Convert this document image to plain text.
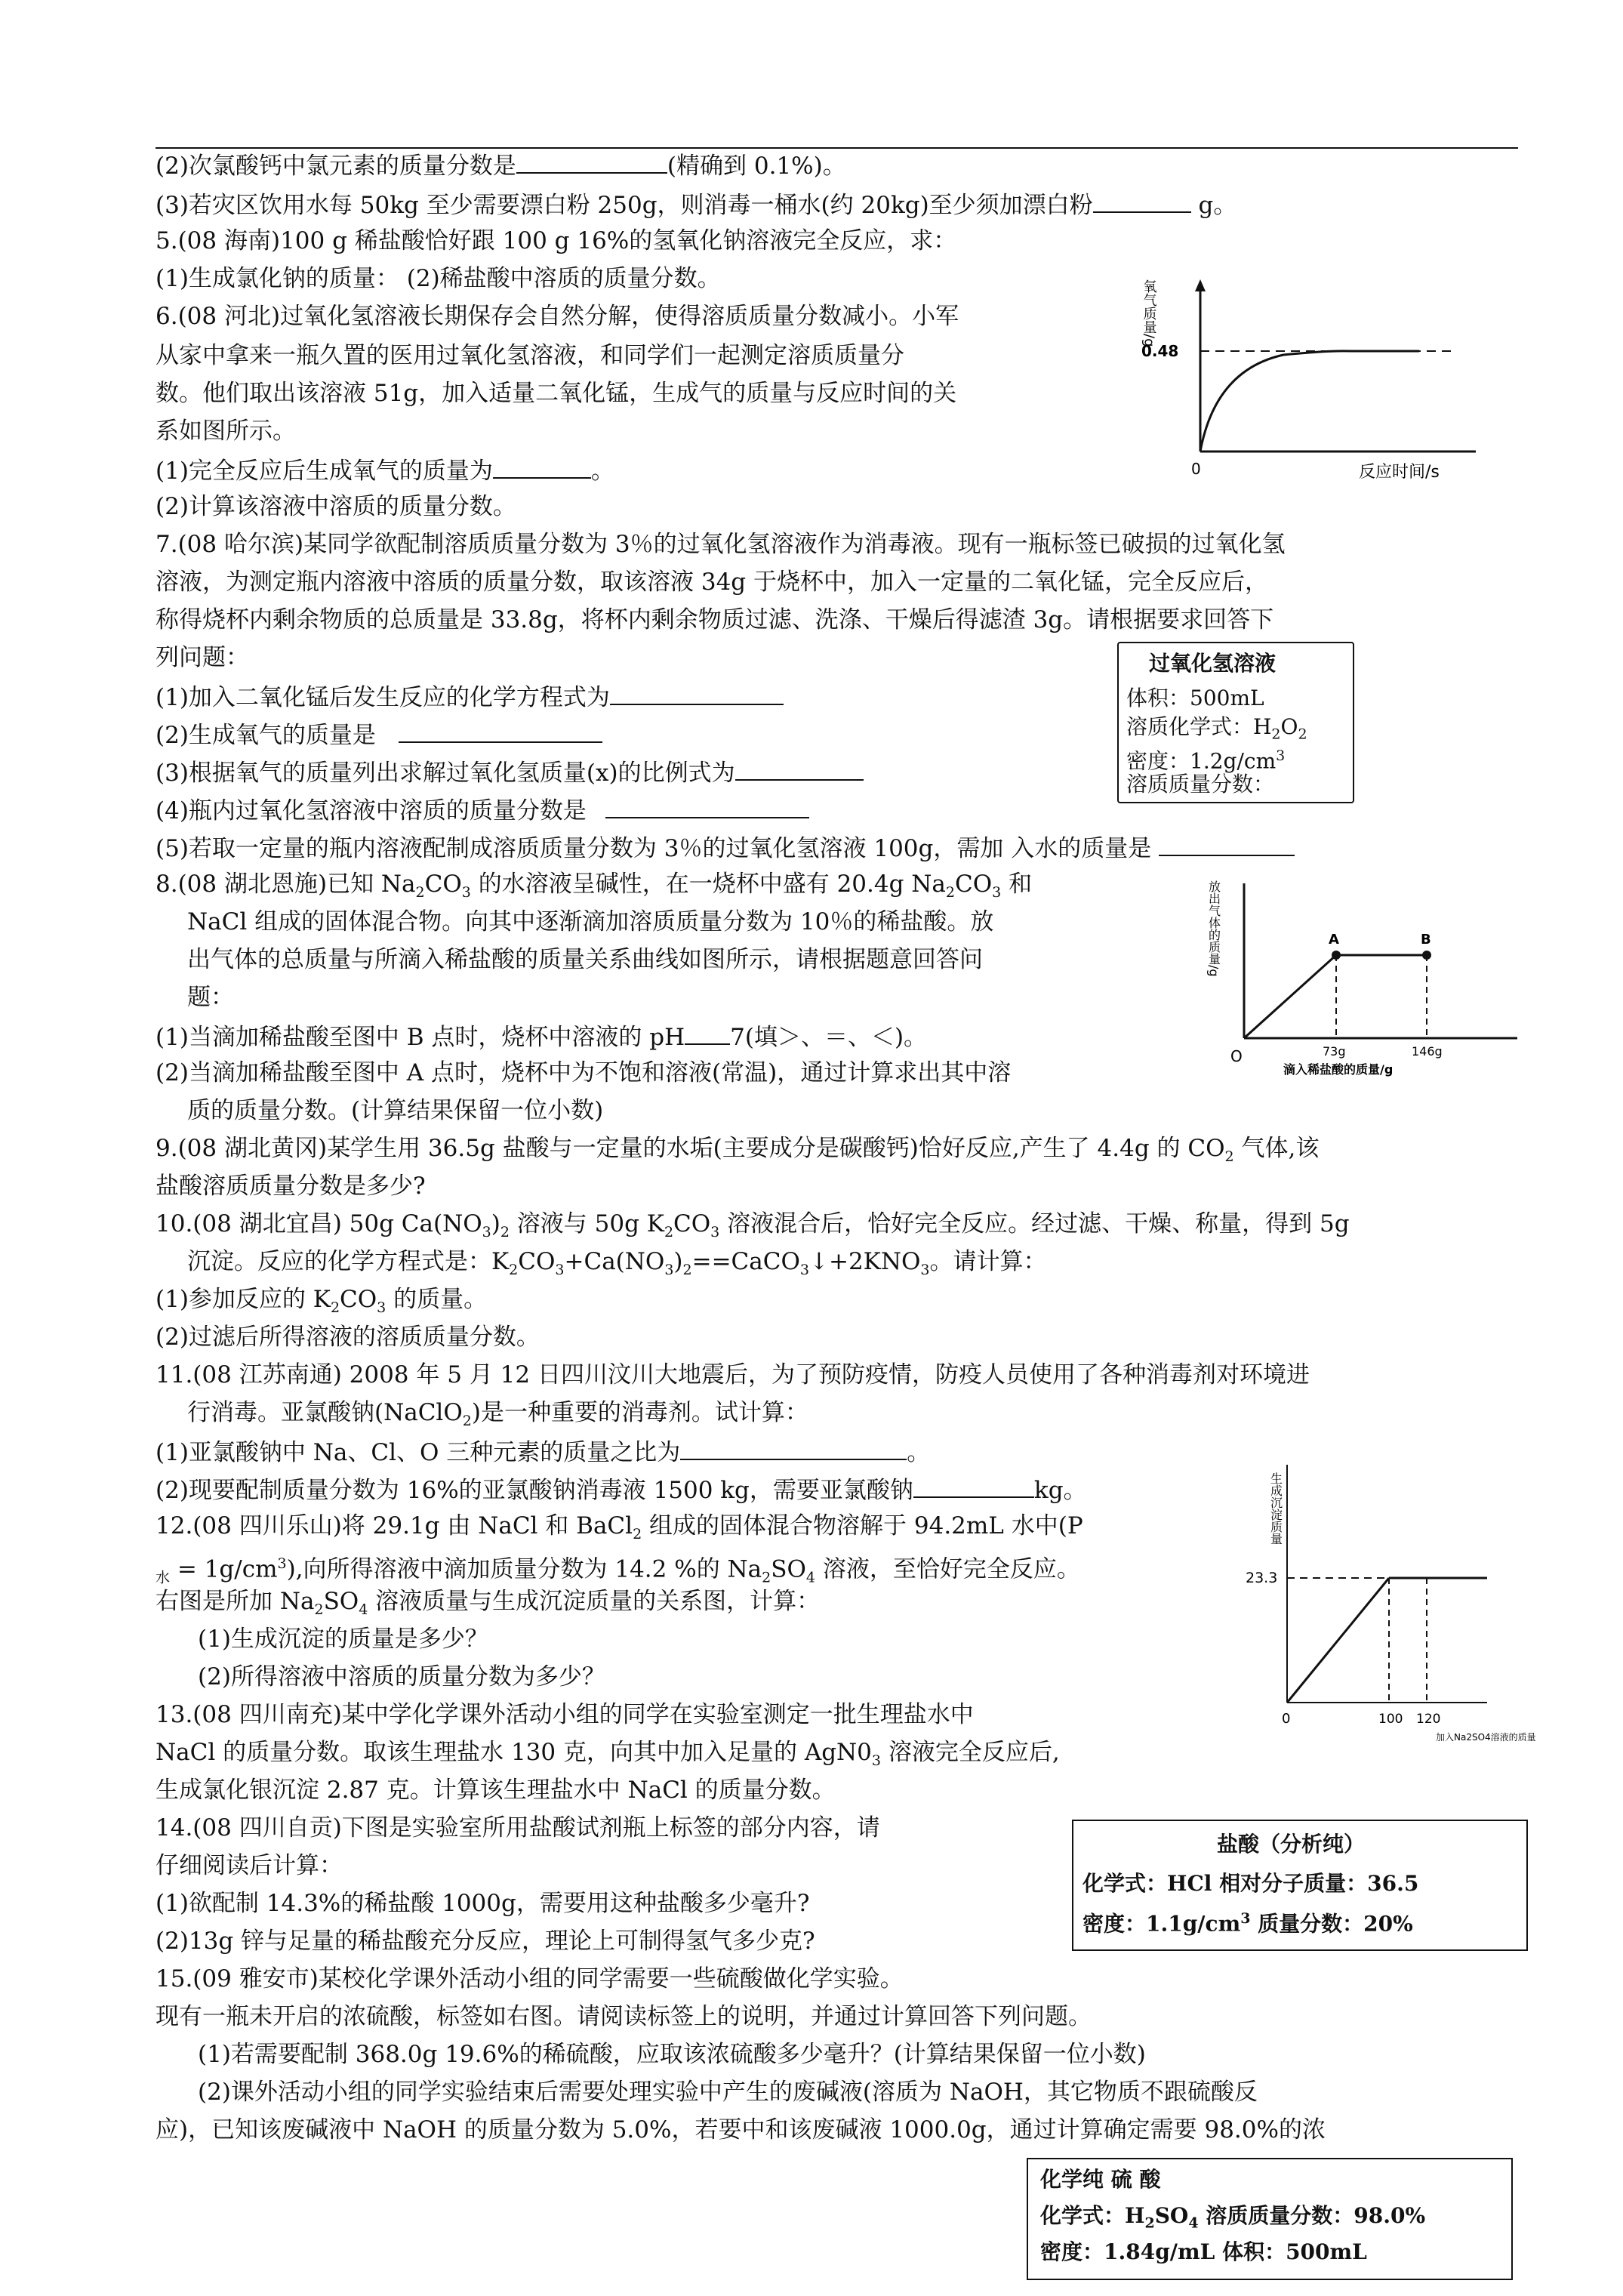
(2)次氯酸钙中氯元素的质量分数是	(精确到 0.1%)。
(3)若灾区饮用水每 50kg 至少需要漂白粉 250g，则消毒一桶水(约 20kg)至少须加漂白粉	g。
5.(08 海南)100 g 稀盐酸恰好跟 100 g 16%的氢氧化钠溶液完全反应，求：
(1)生成氯化钠的质量： (2)稀盐酸中溶质的质量分数。
6.(08 河北)过氧化氢溶液长期保存会自然分解，使得溶质质量分数减小。小军
从家中拿来一瓶久置的医用过氧化氢溶液，和同学们一起测定溶质质量分
数。他们取出该溶液 51g，加入适量二氧化锰，生成气的质量与反应时间的关
系如图所示。
(1)完全反应后生成氧气的质量为	。
(2)计算该溶液中溶质的质量分数。
7.(08 哈尔滨)某同学欲配制溶质质量分数为 3％的过氧化氢溶液作为消毒液。现有一瓶标签已破损的过氧化氢
溶液，为测定瓶内溶液中溶质的质量分数，取该溶液 34g 于烧杯中，加入一定量的二氧化锰，完全反应后，
称得烧杯内剩余物质的总质量是 33.8g，将杯内剩余物质过滤、洗涤、干燥后得滤渣 3g。请根据要求回答下
列问题：
(1)加入二氧化锰后发生反应的化学方程式为
(2)生成氧气的质量是
(3)根据氧气的质量列出求解过氧化氢质量(x)的比例式为
(4)瓶内过氧化氢溶液中溶质的质量分数是
(5)若取一定量的瓶内溶液配制成溶质质量分数为 3％的过氧化氢溶液 100g，需加 入水的质量是
8.(08 湖北恩施)已知 $Na_2CO_3$ 的水溶液呈碱性，在一烧杯中盛有 20.4g $Na_2CO_3$ 和
NaCl 组成的固体混合物。向其中逐渐滴加溶质质量分数为 10％的稀盐酸。放
出气体的总质量与所滴入稀盐酸的质量关系曲线如图所示，请根据题意回答问
题：
(1)当滴加稀盐酸至图中 B 点时，烧杯中溶液的 pH 7(填＞、＝、＜)。
(2)当滴加稀盐酸至图中 A 点时，烧杯中为不饱和溶液(常温)，通过计算求出其中溶
质的质量分数。(计算结果保留一位小数)
9.(08 湖北黄冈)某学生用 36.5g 盐酸与一定量的水垢(主要成分是碳酸钙)恰好反应,产生了 4.4g 的 $CO_2$ 气体,该
盐酸溶质质量分数是多少?
10.(08 湖北宜昌) 50g $Ca(NO_3)_2$ 溶液与 50g $K_2CO_3$ 溶液混合后，恰好完全反应。经过滤、干燥、称量，得到 5g
沉淀。反应的化学方程式是：$K_2CO_3+Ca(NO_3)_2==CaCO_3↓+2KNO_3$。请计算：
(1)参加反应的 $K_2CO_3$ 的质量。
(2)过滤后所得溶液的溶质质量分数。
11.(08 江苏南通) 2008 年 5 月 12 日四川汶川大地震后，为了预防疫情，防疫人员使用了各种消毒剂对环境进
行消毒。亚氯酸钠(NaClO$_2$)是一种重要的消毒剂。试计算：
(1)亚氯酸钠中 Na、Cl、O 三种元素的质量之比为	。
(2)现要配制质量分数为 16%的亚氯酸钠消毒液 1500 kg，需要亚氯酸钠	kg。
12.(08 四川乐山)将 29.1g 由 NaCl 和 BaCl$_2$ 组成的固体混合物溶解于 94.2mL 水中(P
$_水 = 1g/cm^3$),向所得溶液中滴加质量分数为 14.2 %的 $Na_2SO_4$ 溶液，至恰好完全反应。
右图是所加 $Na_2SO_4$ 溶液质量与生成沉淀质量的关系图，计算：
(1)生成沉淀的质量是多少？
(2)所得溶液中溶质的质量分数为多少？
13.(08 四川南充)某中学化学课外活动小组的同学在实验室测定一批生理盐水中
NaCl 的质量分数。取该生理盐水 130 克，向其中加入足量的 $AgN0_3$ 溶液完全反应后,
生成氯化银沉淀 2.87 克。计算该生理盐水中 NaCl 的质量分数。
14.(08 四川自贡)下图是实验室所用盐酸试剂瓶上标签的部分内容，请
仔细阅读后计算：
(1)欲配制 14.3%的稀盐酸 1000g，需要用这种盐酸多少毫升?
(2)13g 锌与足量的稀盐酸充分反应，理论上可制得氢气多少克?
15.(09 雅安市)某校化学课外活动小组的同学需要一些硫酸做化学实验。
现有一瓶未开启的浓硫酸，标签如右图。请阅读标签上的说明，并通过计算回答下列问题。
(1)若需要配制 368.0g 19.6%的稀硫酸，应取该浓硫酸多少毫升？(计算结果保留一位小数)
(2)课外活动小组的同学实验结束后需要处理实验中产生的废碱液(溶质为 NaOH，其它物质不跟硫酸反
应)，已知该废碱液中 NaOH 的质量分数为 5.0%，若要中和该废碱液 1000.0g，通过计算确定需要 98.0%的浓
氧气质量/g
0.48
0	反应时间/s
过氧化氢溶液
体积：500mL
溶质化学式：$H_2O_2$
密度：$1.2g/cm^3$
溶质质量分数：
放出气体的质量/g	A	B
O	73g	146g
滴入稀盐酸的质量/g
生成沉淀质量
23.3
0	100 120
加入Na2SO4溶液的质量
盐酸（分析纯）
化学式：HCl 相对分子质量：36.5
密度：$1.1g/cm^3$ 质量分数：20%
化学纯 硫 酸
化学式：$H_2SO_4$ 溶质质量分数：98.0%
密度：1.84g/mL 体积：500mL
